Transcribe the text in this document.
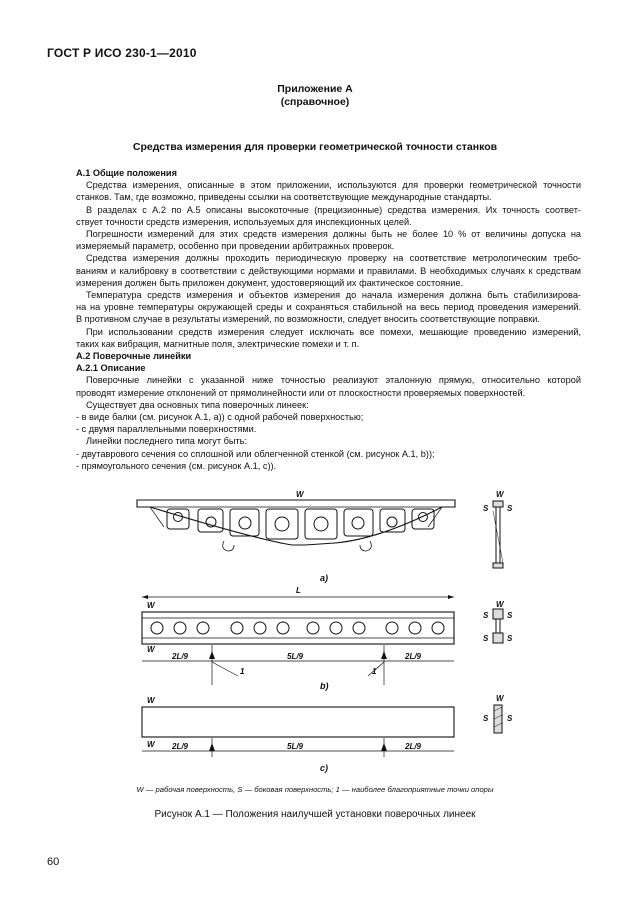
ГОСТ Р ИСО 230-1—2010
Приложение А
(справочное)
Средства измерения для проверки геометрической точности станков

А.1 Общие положения

Средства измерения, описанные в этом приложении, используются для проверки геометрической точности

станков. Там, где возможно, приведены ссылки на соответствующие международные стандарты.

В разделах с А.2 по А.5 описаны высокоточные (прецизионные) средства измерения. Их точность соответ-

ствует точности средств измерения, используемых для инспекционных целей.

Погрешности измерений для этих средств измерения должны быть не более 10 % от величины допуска на

измеряемый параметр, особенно при проведении арбитражных проверок.

Средства измерения должны проходить периодическую проверку на соответствие метрологическим требо-

ваниям и калибровку в соответствии с действующими нормами и правилами. В необходимых случаях к средствам

измерения должен быть приложен документ, удостоверяющий их фактическое состояние.

Температура средств измерения и объектов измерения до начала измерения должна быть стабилизирова-

на на уровне температуры окружающей среды и сохраняться стабильной на весь период проведения измерений.

В противном случае в результаты измерений, по возможности, следует вносить соответствующие поправки.

При использовании средств измерения следует исключать все помехи, мешающие проведению измерений,

таких как вибрация, магнитные поля, электрические помехи и т. п.

А.2 Поверочные линейки

А.2.1 Описание

Поверочные линейки с указанной ниже точностью реализуют эталонную прямую, относительно которой

проводят измерение отклонений от прямолинейности или от плоскостности проверяемых поверхностей.

Существует два основных типа поверочных линеек:

- в виде балки (см. рисунок А.1, а)) с одной рабочей поверхностью;

- с двумя параллельными поверхностями.

Линейки последнего типа могут быть:

- двутаврового сечения со сплошной или облегченной стенкой (см. рисунок А.1, b));

- прямоугольного сечения (см. рисунок А.1, с)).

W
a)
W
S S
L
W
W
2L/9	5L/9	2L/9
1	1
b)
W
S S
S S
W
W 2L/9	5L/9	2L/9
c)
W
S S
W — рабочая поверхность, S — боковая поверхность; 1 — наиболее благоприятные точки опоры
Рисунок А.1 — Положения наилучшей установки поверочных линеек
60
